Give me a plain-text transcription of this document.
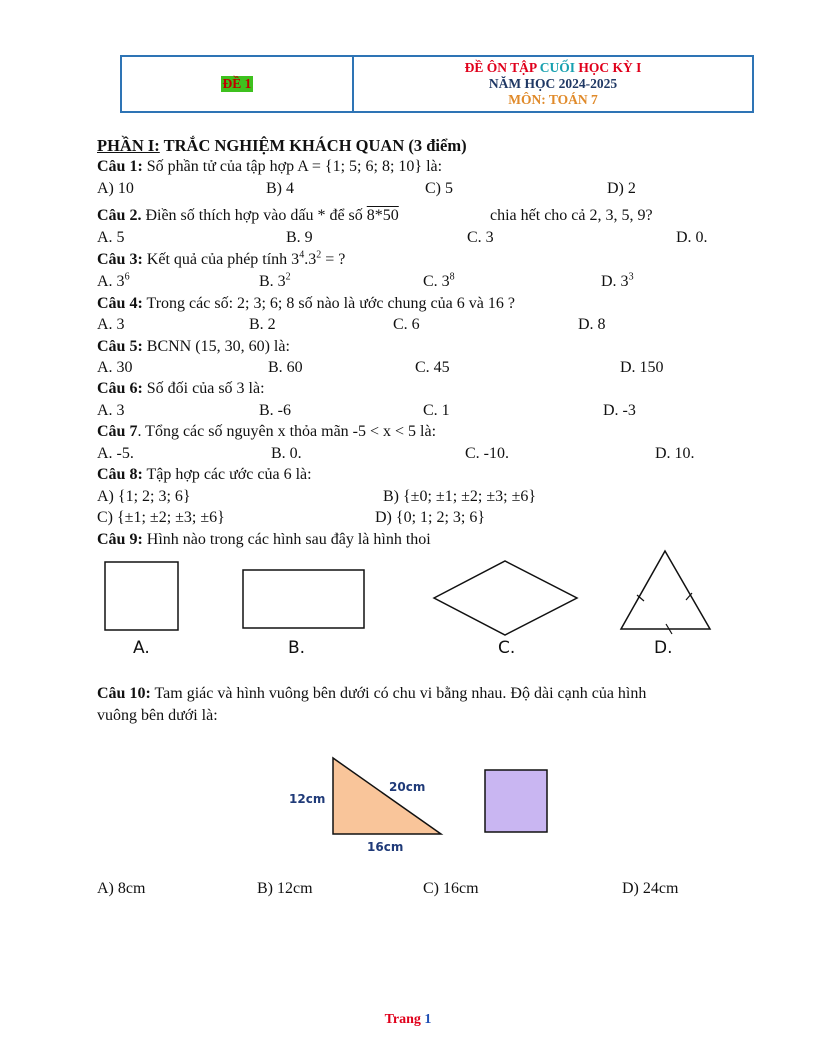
ĐỀ 1
ĐỀ ÔN TẬP CUỐI HỌC KỲ I
NĂM HỌC 2024-2025
MÔN: TOÁN 7
PHẦN I: TRẮC NGHIỆM KHÁCH QUAN (3 điểm)
Câu 1: Số phần tử của tập hợp A = {1; 5; 6; 8; 10} là:
A) 10	B) 4	C) 5	D) 2
Câu 2. Điền số thích hợp vào dấu * để số 8*50	chia hết cho cả 2, 3, 5, 9?
A. 5	B. 9	C. 3	D. 0.
Câu 3: Kết quả của phép tính $3^4.3^2$ = ?
A. $3^6$	B. $3^2$	C. $3^8$	D. $3^3$
Câu 4: Trong các số: 2; 3; 6; 8 số nào là ước chung của 6 và 16 ?
A. 3	B. 2	C. 6	D. 8
Câu 5: BCNN (15, 30, 60) là:
A. 30	B. 60	C. 45	D. 150
Câu 6: Số đối của số 3 là:
A. 3	B. -6	C. 1	D. -3
Câu 7. Tổng các số nguyên x thỏa mãn -5 < x < 5 là:
A. -5.	B. 0.	C. -10.	D. 10.
Câu 8: Tập hợp các ước của 6 là:
A) {1; 2; 3; 6}	B) {±0; ±1; ±2; ±3; ±6}
C) {±1; ±2; ±3; ±6}	D) {0; 1; 2; 3; 6}
Câu 9: Hình nào trong các hình sau đây là hình thoi
A.	B.	C.	D.
Câu 10: Tam giác và hình vuông bên dưới có chu vi bằng nhau. Độ dài cạnh của hình
vuông bên dưới là:
12cm
20cm
16cm
A) 8cm	B) 12cm	C) 16cm	D) 24cm
Trang 1
